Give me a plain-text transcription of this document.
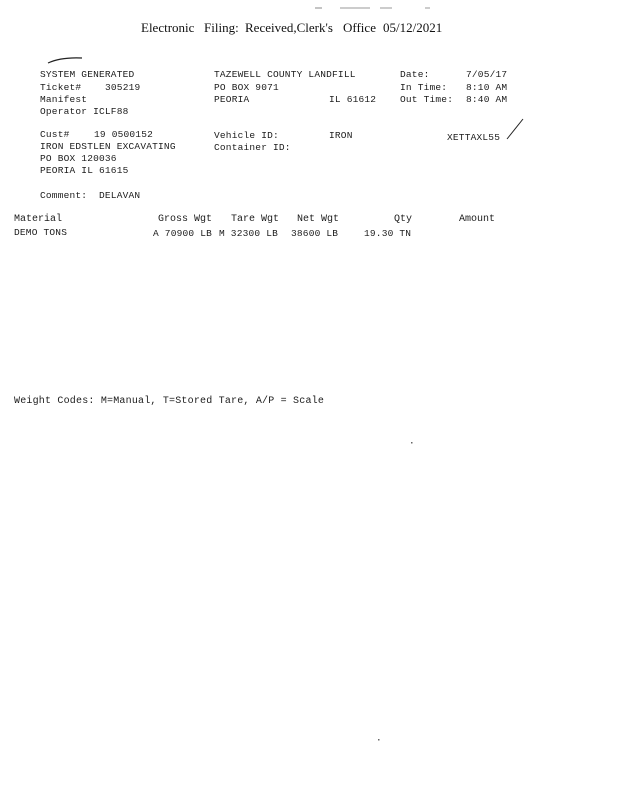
Electronic Filing: Received,Clerk's Office 05/12/2021
SYSTEM GENERATED
Ticket# 305219
Manifest
Operator ICLF88
TAZEWELL COUNTY LANDFILL
PO BOX 9071
PEORIA	IL 61612
Date:	7/05/17
In Time: 8:10 AM
Out Time: 8:40 AM
Cust#	19 0500152
IRON EDSTLEN EXCAVATING
PO BOX 120036
PEORIA IL 61615
Vehicle ID:	IRON
Container ID:
XETTAXL55
Comment: DELAVAN
Material	Gross Wgt Tare Wgt Net Wgt	Qty	Amount
DEMO TONS	A 70900 LB M 32300 LB 38600 LB	19.30 TN
Weight Codes: M=Manual, T=Stored Tare, A/P = Scale
